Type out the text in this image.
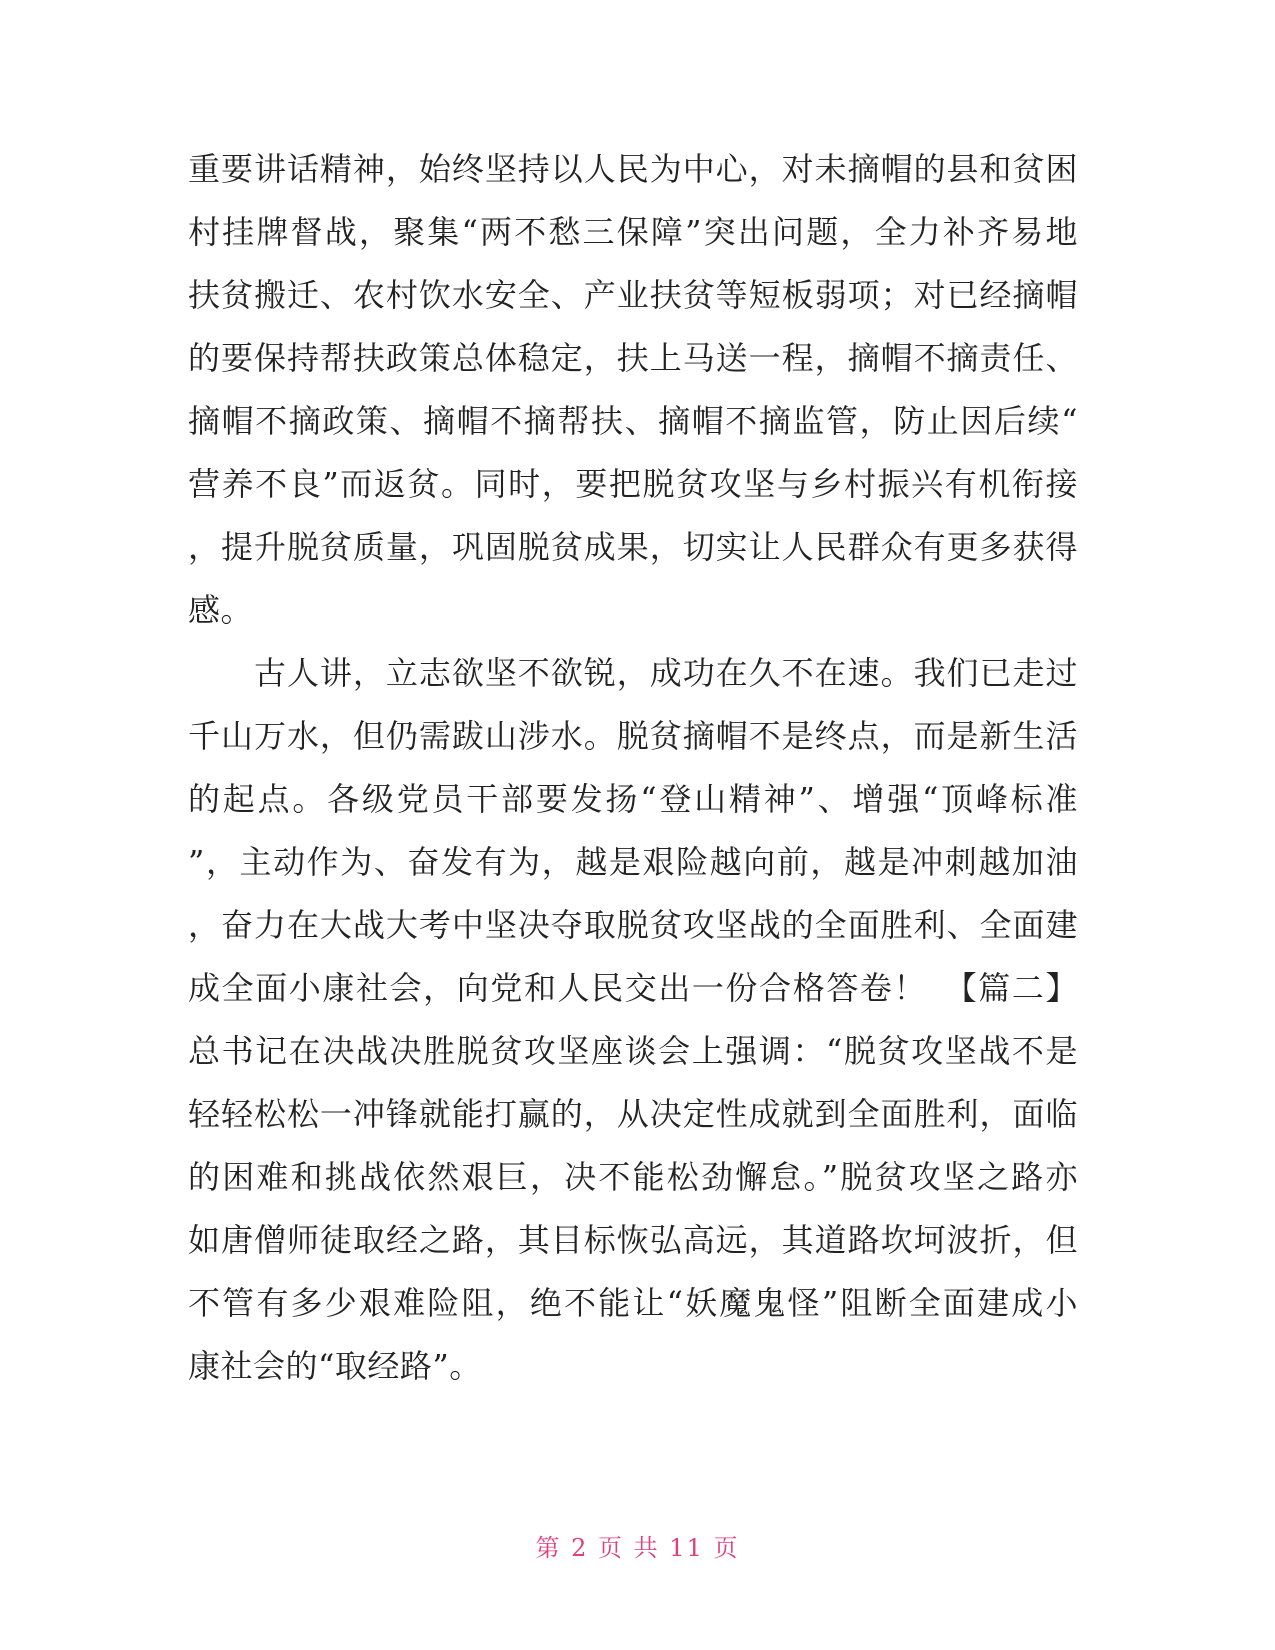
重要讲话精神，始终坚持以人民为中心，对未摘帽的县和贫困
村挂牌督战，聚集“两不愁三保障”突出问题，全力补齐易地
扶贫搬迁、农村饮水安全、产业扶贫等短板弱项；对已经摘帽
的要保持帮扶政策总体稳定，扶上马送一程，摘帽不摘责任、
摘帽不摘政策、摘帽不摘帮扶、摘帽不摘监管，防止因后续“
营养不良”而返贫。同时，要把脱贫攻坚与乡村振兴有机衔接
，提升脱贫质量，巩固脱贫成果，切实让人民群众有更多获得
感。
　　古人讲，立志欲坚不欲锐，成功在久不在速。我们已走过
千山万水，但仍需跋山涉水。脱贫摘帽不是终点，而是新生活
的起点。各级党员干部要发扬“登山精神”、增强“顶峰标准
”，主动作为、奋发有为，越是艰险越向前，越是冲刺越加油
，奋力在大战大考中坚决夺取脱贫攻坚战的全面胜利、全面建
成全面小康社会，向党和人民交出一份合格答卷！　【篇二】
总书记在决战决胜脱贫攻坚座谈会上强调：“脱贫攻坚战不是
轻轻松松一冲锋就能打赢的，从决定性成就到全面胜利，面临
的困难和挑战依然艰巨，决不能松劲懈怠。”脱贫攻坚之路亦
如唐僧师徒取经之路，其目标恢弘高远，其道路坎坷波折，但
不管有多少艰难险阻，绝不能让“妖魔鬼怪”阻断全面建成小
康社会的“取经路”。
第 2 页 共 11 页
